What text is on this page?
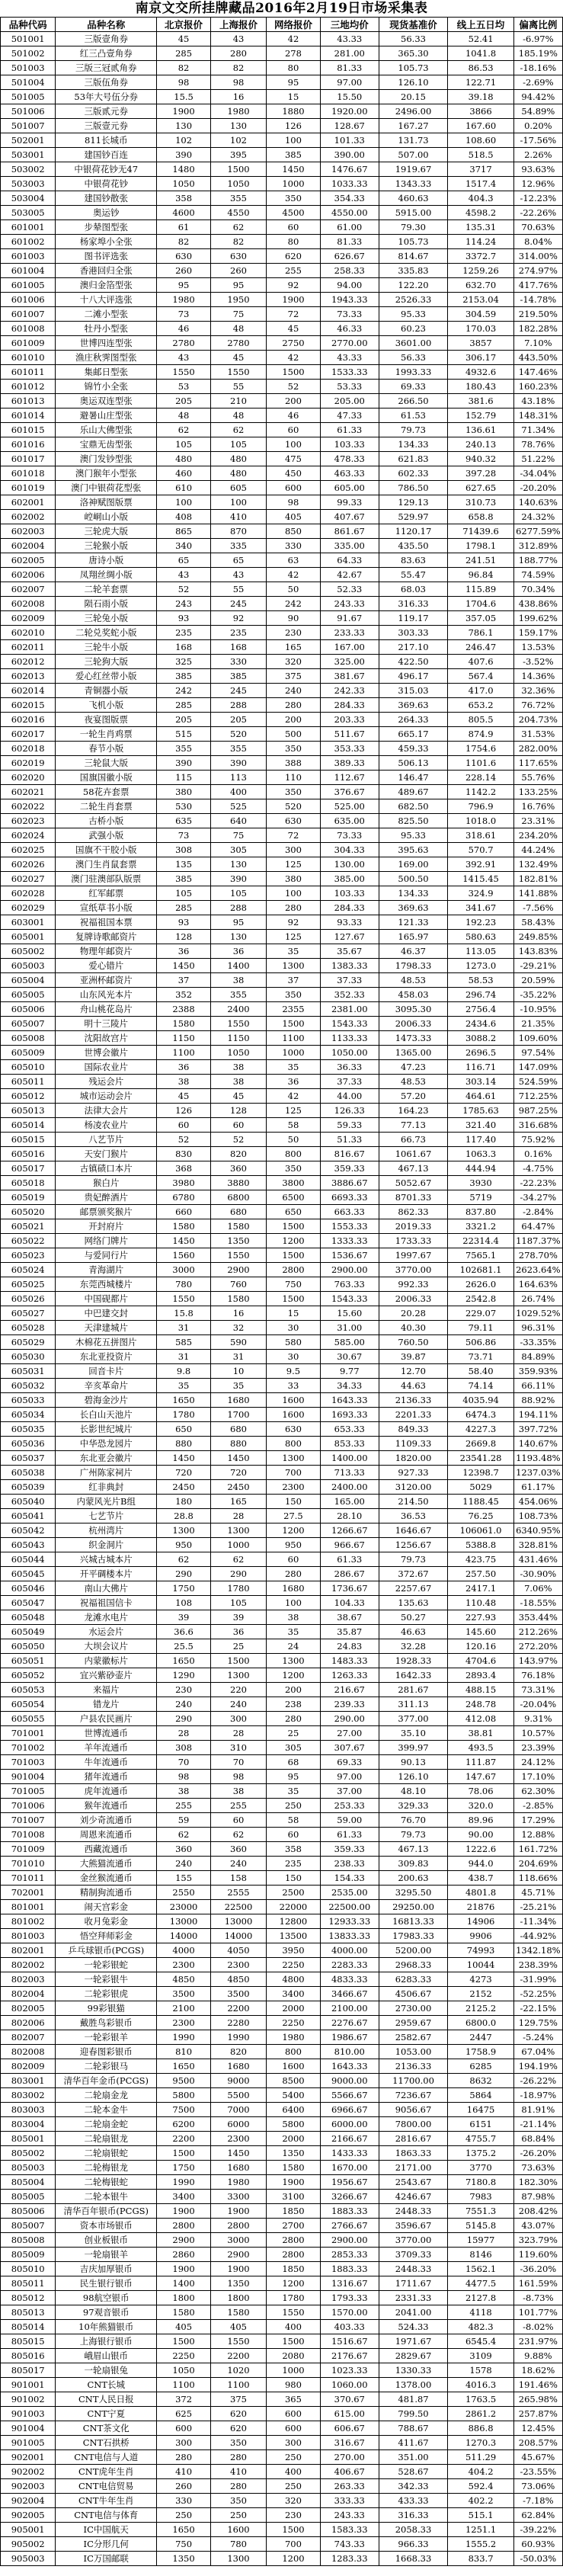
南京文交所挂牌藏品2016年2月19日市场采集表
品种代码	品种名称	北京报价	上海报价	网络报价	三地均价	现货基准价	线上五日均	偏离比例
501001	三版壹角券	45	43	42	43.33	56.33	52.41	-6.97%
501002	红三凸壹角券	285	280	278	281.00	365.30	1041.8	185.19%
501003	三版三冠贰角券	82	82	80	81.33	105.73	86.53	-18.16%
501004	三版伍角券	98	98	95	97.00	126.10	122.71	-2.69%
501005	53年大号伍分券	15.5	16	15	15.50	20.15	39.18	94.42%
501006	三版贰元券	1900	1980	1880	1920.00	2496.00	3866	54.89%
501007	三版壹元券	130	130	126	128.67	167.27	167.60	0.20%
502001	811长城币	102	102	100	101.33	131.73	108.60	-17.56%
503001	建国钞百连	390	395	385	390.00	507.00	518.5	2.26%
503002	中银荷花钞无47	1480	1500	1450	1476.67	1919.67	3717	93.63%
503003	中银荷花钞	1050	1050	1000	1033.33	1343.33	1517.4	12.96%
503004	建国钞散张	358	355	350	354.33	460.63	404.3	-12.23%
503005	奥运钞	4600	4550	4500	4550.00	5915.00	4598.2	-22.26%
601001	步辇图型张	61	62	60	61.00	79.30	135.31	70.63%
601002	杨家埠小全张	82	82	80	81.33	105.73	114.24	8.04%
601003	图书评选张	630	630	620	626.67	814.67	3372.7	314.00%
601004	香港回归全张	260	260	255	258.33	335.83	1259.26	274.97%
601005	澳归金箔型张	95	95	92	94.00	122.20	632.70	417.76%
601006	十八大评选张	1980	1950	1900	1943.33	2526.33	2153.04	-14.78%
601007	二滩小型张	73	75	72	73.33	95.33	304.59	219.50%
601008	牡丹小型张	46	48	45	46.33	60.23	170.03	182.28%
601009	世博四连型张	2780	2780	2750	2770.00	3601.00	3857	7.10%
601010	渔庄秋霁图型张	43	45	42	43.33	56.33	306.17	443.50%
601011	集邮日型张	1550	1550	1500	1533.33	1993.33	4932.6	147.46%
601012	锦竹小全张	53	55	52	53.33	69.33	180.43	160.23%
601013	奥运双连型张	205	210	200	205.00	266.50	381.6	43.18%
601014	避暑山庄型张	48	48	46	47.33	61.53	152.79	148.31%
601015	乐山大佛型张	62	62	60	61.33	79.73	136.61	71.34%
601016	宝鼎无齿型张	105	105	100	103.33	134.33	240.13	78.76%
601017	澳门发钞型张	480	480	475	478.33	621.83	940.32	51.22%
601018	澳门猴年小型张	460	480	450	463.33	602.33	397.28	-34.04%
601019	澳门中银荷花型张	610	605	600	605.00	786.50	627.65	-20.20%
602001	洛神赋图版票	100	100	98	99.33	129.13	310.73	140.63%
602002	崆峒山小版	408	410	405	407.67	529.97	658.8	24.32%
602003	三轮虎大版	865	870	850	861.67	1120.17	71439.6	6277.59%
602004	三轮猴小版	340	335	330	335.00	435.50	1798.1	312.89%
602005	唐诗小版	65	65	63	64.33	83.63	241.51	188.77%
602006	凤翔丝绸小版	43	43	42	42.67	55.47	96.84	74.59%
602007	二轮羊套票	52	55	50	52.33	68.03	115.89	70.34%
602008	陨石雨小版	243	245	242	243.33	316.33	1704.6	438.86%
602009	三轮兔小版	93	92	90	91.67	119.17	357.05	199.62%
602010	二轮兑奖蛇小版	235	235	230	233.33	303.33	786.1	159.17%
602011	三轮牛小版	168	168	165	167.00	217.10	246.47	13.53%
602012	三轮狗大版	325	330	320	325.00	422.50	407.6	-3.52%
602013	爱心红丝带小版	385	385	375	381.67	496.17	567.4	14.36%
602014	青铜器小版	242	245	240	242.33	315.03	417.0	32.36%
602015	飞机小版	285	288	280	284.33	369.63	653.2	76.72%
602016	夜宴图版票	205	205	200	203.33	264.33	805.5	204.73%
602017	一轮生肖鸡票	515	520	500	511.67	665.17	874.9	31.53%
602018	春节小版	355	355	350	353.33	459.33	1754.6	282.00%
602019	三轮鼠大版	390	390	388	389.33	506.13	1101.6	117.65%
602020	国旗国徽小版	115	113	110	112.67	146.47	228.14	55.76%
602021	58花卉套票	380	400	350	376.67	489.67	1142.2	133.25%
602022	二轮生肖套票	530	525	520	525.00	682.50	796.9	16.76%
602023	古桥小版	635	640	630	635.00	825.50	1018.0	23.31%
602024	武强小版	73	75	72	73.33	95.33	318.61	234.20%
602025	国旗不干胶小版	308	305	300	304.33	395.63	570.7	44.24%
602026	澳门生肖鼠套票	135	130	125	130.00	169.00	392.91	132.49%
602027	澳门驻澳部队版票	385	390	380	385.00	500.50	1415.45	182.81%
602028	红军邮票	105	105	100	103.33	134.33	324.9	141.88%
602029	宣纸草书小版	285	288	280	284.33	369.63	341.67	-7.56%
603001	祝福祖国本票	93	95	92	93.33	121.33	192.23	58.43%
605001	复牌诗歌邮资片	128	130	125	127.67	165.97	580.63	249.85%
605002	物理年邮资片	36	36	35	35.67	46.37	113.05	143.83%
605003	爱心错片	1450	1400	1300	1383.33	1798.33	1273.0	-29.21%
605004	亚洲杯邮资片	37	38	37	37.33	48.53	58.53	20.59%
605005	山东风光本片	352	355	350	352.33	458.03	296.74	-35.22%
605006	舟山桃花岛片	2388	2400	2355	2381.00	3095.30	2756.4	-10.95%
605007	明十三陵片	1580	1550	1500	1543.33	2006.33	2434.6	21.35%
605008	沈阳故宫片	1150	1150	1100	1133.33	1473.33	3088.2	109.60%
605009	世博会徽片	1100	1050	1000	1050.00	1365.00	2696.5	97.54%
605010	国际农业片	36	38	35	36.33	47.23	116.71	147.09%
605011	残运会片	38	38	36	37.33	48.53	303.14	524.59%
605012	城市运动会片	45	45	42	44.00	57.20	464.61	712.25%
605013	法律大会片	126	128	125	126.33	164.23	1785.63	987.25%
605014	杨凌农业片	60	60	58	59.33	77.13	321.40	316.68%
605015	八艺节片	52	52	50	51.33	66.73	117.40	75.92%
605016	天安门猴片	830	820	800	816.67	1061.67	1063.3	0.16%
605017	古镇碛口本片	368	360	350	359.33	467.13	444.94	-4.75%
605018	猴白片	3980	3880	3800	3886.67	5052.67	3930	-22.23%
605019	贵妃醉酒片	6780	6800	6500	6693.33	8701.33	5719	-34.27%
605020	邮票颁奖猴片	660	680	650	663.33	862.33	837.80	-2.84%
605021	开封府片	1580	1580	1500	1553.33	2019.33	3321.2	64.47%
605022	网络门牌片	1450	1350	1200	1333.33	1733.33	22314.4	1187.37%
605023	与爱同行片	1560	1550	1500	1536.67	1997.67	7565.1	278.70%
605024	青海湖片	3000	2900	2800	2900.00	3770.00	102681.1	2623.64%
605025	东莞西城楼片	780	760	750	763.33	992.33	2626.0	164.63%
605026	中国砚都片	1550	1580	1500	1543.33	2006.33	2542.8	26.74%
605027	中巴建交封	15.8	16	15	15.60	20.28	229.07	1029.52%
605028	天津建城片	31	32	30	31.00	40.30	79.11	96.31%
605029	木棉花五拼图片	585	590	580	585.00	760.50	506.86	-33.35%
605030	东北亚投资片	31	31	30	30.67	39.87	73.71	84.89%
605031	回音卡片	9.8	10	9.5	9.77	12.70	58.40	359.93%
605032	辛亥革命片	35	35	33	34.33	44.63	74.14	66.11%
605033	碧海金沙片	1650	1680	1600	1643.33	2136.33	4035.94	88.92%
605034	长白山天池片	1780	1700	1600	1693.33	2201.33	6474.3	194.11%
605035	长影世纪城片	650	680	630	653.33	849.33	4227.3	397.72%
605036	中华恐龙园片	880	880	800	853.33	1109.33	2669.8	140.67%
605037	东北亚会徽片	1450	1450	1300	1400.00	1820.00	23541.28	1193.48%
605038	广州陈家祠片	720	720	700	713.33	927.33	12398.7	1237.03%
605039	红非典封	2450	2450	2300	2400.00	3120.00	5029	61.17%
605040	内蒙风光片B组	180	165	150	165.00	214.50	1188.45	454.06%
605041	七艺节片	28.8	28	27.5	28.10	36.53	76.25	108.73%
605042	杭州湾片	1300	1300	1200	1266.67	1646.67	106061.0	6340.95%
605043	织金洞片	950	1000	950	966.67	1256.67	5388.8	328.81%
605044	兴城古城本片	62	62	60	61.33	79.73	423.75	431.46%
605045	开平碉楼本片	290	290	280	286.67	372.67	257.50	-30.90%
605046	南山大佛片	1750	1780	1680	1736.67	2257.67	2417.1	7.06%
605047	祝福祖国信卡	108	105	100	104.33	135.63	110.48	-18.55%
605048	龙滩水电片	39	39	38	38.67	50.27	227.93	353.44%
605049	水运会片	36.6	36	35	35.87	46.63	145.60	212.26%
605050	大坝会议片	25.5	25	24	24.83	32.28	120.16	272.20%
605051	内蒙徽标片	1650	1500	1300	1483.33	1928.33	4704.6	143.97%
605052	宜兴紫砂壶片	1290	1300	1200	1263.33	1642.33	2893.4	76.18%
605053	来福片	230	220	200	216.67	281.67	488.15	73.31%
605054	错龙片	240	240	238	239.33	311.13	248.78	-20.04%
605055	户县农民画片	290	300	280	290.00	377.00	412.08	9.31%
701001	世博流通币	28	28	25	27.00	35.10	38.81	10.57%
701002	羊年流通币	308	310	305	307.67	399.97	493.5	23.39%
701003	牛年流通币	70	70	68	69.33	90.13	111.87	24.12%
901004	猪年流通币	98	98	95	97.00	126.10	147.67	17.10%
701005	虎年流通币	38	38	35	37.00	48.10	78.06	62.30%
701006	猴年流通币	255	255	250	253.33	329.33	320.0	-2.85%
701007	刘少奇流通币	59	60	58	59.00	76.70	89.96	17.29%
701008	周恩来流通币	62	62	60	61.33	79.73	90.00	12.88%
701009	西藏流通币	360	360	358	359.33	467.13	1222.6	161.72%
701010	大熊猫流通币	240	240	235	238.33	309.83	944.0	204.69%
701011	金丝猴流通币	155	158	150	154.33	200.63	438.7	118.66%
702001	精制狗流通币	2550	2555	2500	2535.00	3295.50	4801.8	45.71%
801001	闹天宫彩金	23000	22500	22000	22500.00	29250.00	21876	-25.21%
801002	收月兔彩金	13000	13000	12800	12933.33	16813.33	14906	-11.34%
801003	悟空拜师彩金	14000	14000	13500	13833.33	17983.33	9906	-44.92%
802001	乒乓球银币(PCGS)	4000	4050	3950	4000.00	5200.00	74993	1342.18%
802002	一轮彩银蛇	2300	2300	2250	2283.33	2968.33	10044	238.39%
802003	一轮彩银牛	4850	4850	4800	4833.33	6283.33	4273	-31.99%
802004	二轮彩银虎	3500	3500	3400	3466.67	4506.67	2152	-52.25%
802005	99彩银猫	2100	2200	2000	2100.00	2730.00	2125.2	-22.15%
802006	戴胜鸟彩银币	2300	2280	2250	2276.67	2959.67	6800.0	129.75%
802007	一轮彩银羊	1990	1990	1980	1986.67	2582.67	2447	-5.24%
802008	迎春图彩银币	810	820	800	810.00	1053.00	1758.9	67.04%
802009	二轮彩银马	1650	1680	1600	1643.33	2136.33	6285	194.19%
803001	清华百年金币(PCGS)	9500	9000	8500	9000.00	11700.00	8632	-26.22%
803002	二轮扇金龙	5800	5500	5400	5566.67	7236.67	5864	-18.97%
803003	二轮本金牛	7500	7000	6400	6966.67	9056.67	16475	81.91%
803004	二轮扇金蛇	6200	6000	5800	6000.00	7800.00	6151	-21.14%
805001	二轮扇银龙	2200	2300	2000	2166.67	2816.67	4755.7	68.84%
805002	二轮扇银蛇	1500	1450	1350	1433.33	1863.33	1375.2	-26.20%
805003	二轮梅银龙	1750	1680	1580	1670.00	2171.00	3770	73.63%
805004	二轮梅银蛇	1990	1980	1900	1956.67	2543.67	7180.8	182.30%
805005	二轮本银牛	3400	3300	3100	3266.67	4246.67	7983	87.98%
805006	清华百年银币(PCGS)	1900	1900	1850	1883.33	2448.33	7551.3	208.42%
805007	资本市场银币	2800	2800	2700	2766.67	3596.67	5145.8	43.07%
805008	创业板银币	2900	3000	2800	2900.00	3770.00	15977	323.79%
805009	一轮扇银羊	2860	2900	2800	2853.33	3709.33	8146	119.60%
805010	吉庆加厚银币	1900	1900	1850	1883.33	2448.33	1562.1	-36.20%
805011	民生银行银币	1400	1350	1200	1316.67	1711.67	4477.5	161.59%
805012	98航空银币	1800	1800	1780	1793.33	2331.33	2127.8	-8.73%
805013	97观音银币	1580	1580	1550	1570.00	2041.00	4118	101.77%
805014	10年熊猫银币	405	405	400	403.33	524.33	482.3	-8.02%
805015	上海银行银币	1500	1550	1500	1516.67	1971.67	6545.4	231.97%
805016	峨眉山银币	2250	2200	2080	2176.67	2829.67	3109	9.88%
805017	一轮扇银兔	1050	1020	1000	1023.33	1330.33	1578	18.62%
901001	CNT长城	1100	1100	980	1060.00	1378.00	4016.3	191.46%
901002	CNT人民日报	372	375	365	370.67	481.87	1763.5	265.98%
901003	CNT宁夏	625	620	600	615.00	799.50	2861.2	257.87%
901004	CNT茶文化	600	620	600	606.67	788.67	886.8	12.45%
901005	CNT石拱桥	300	350	300	316.67	411.67	1270.3	208.57%
902001	CNT电信与人道	280	280	250	270.00	351.00	511.29	45.67%
902002	CNT虎年生肖	410	410	400	406.67	528.67	404.2	-23.55%
902003	CNT电信贸易	260	280	250	263.33	342.33	592.4	73.06%
902004	CNT牛年生肖	330	350	320	333.33	433.33	402.2	-7.18%
902005	CNT电信与体育	250	250	230	243.33	316.33	515.1	62.84%
905001	IC中国航天	1650	1600	1500	1583.33	2058.33	1251.1	-39.22%
905002	IC分形几何	750	780	700	743.33	966.33	1555.2	60.93%
905003	IC万国邮联	1350	1300	1200	1283.33	1668.33	833.7	-50.03%
